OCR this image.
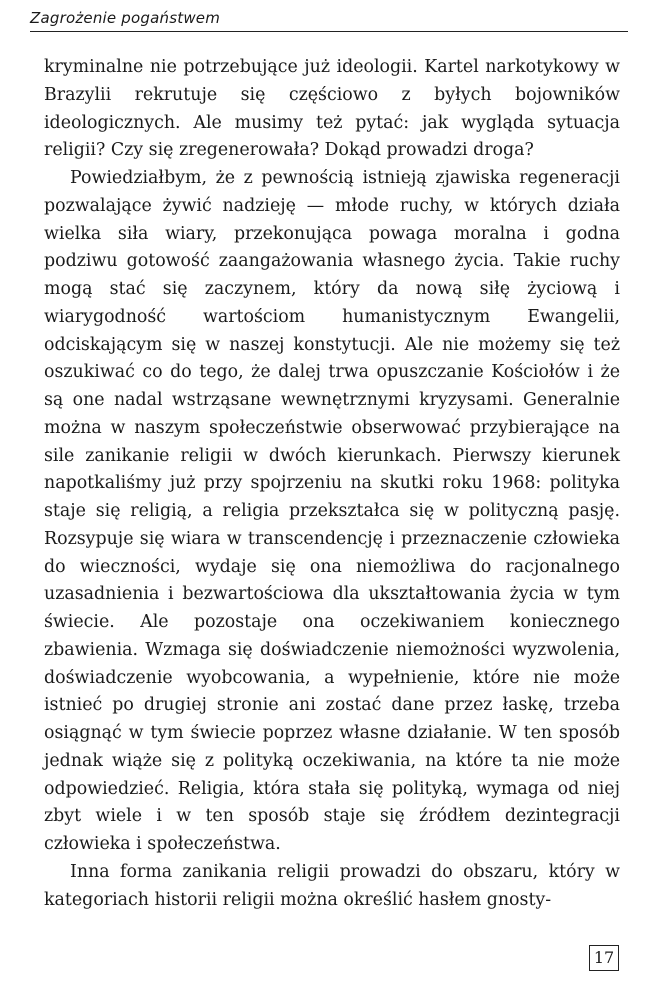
Zagrożenie pogaństwem

kryminalne nie potrzebujące już ideologii. Kartel narkotykowy w Brazylii rekrutuje się częściowo z byłych bojowników ideologicznych. Ale musimy też pytać: jak wygląda sytuacja religii? Czy się zregenerowała? Dokąd prowadzi droga?

Powiedziałbym, że z pewnością istnieją zjawiska regeneracji pozwalające żywić nadzieję — młode ruchy, w których działa wielka siła wiary, przekonująca powaga moralna i godna podziwu gotowość zaangażowania własnego życia. Takie ruchy mogą stać się zaczynem, który da nową siłę życiową i wiarygodność wartościom humanistycznym Ewangelii, odciskającym się w naszej konstytucji. Ale nie możemy się też oszukiwać co do tego, że dalej trwa opuszczanie Kościołów i że są one nadal wstrząsane wewnętrznymi kryzysami. Generalnie można w naszym społeczeństwie obserwować przybierające na sile zanikanie religii w dwóch kierunkach. Pierwszy kierunek napotkaliśmy już przy spojrzeniu na skutki roku 1968: polityka staje się religią, a religia przekształca się w polityczną pasję. Rozsypuje się wiara w transcendencję i przeznaczenie człowieka do wieczności, wydaje się ona niemożliwa do racjonalnego uzasadnienia i bezwartościowa dla ukształtowania życia w tym świecie. Ale pozostaje ona oczekiwaniem koniecznego zbawienia. Wzmaga się doświadczenie niemożności wyzwolenia, doświadczenie wyobcowania, a wypełnienie, które nie może istnieć po drugiej stronie ani zostać dane przez łaskę, trzeba osiągnąć w tym świecie poprzez własne działanie. W ten sposób jednak wiąże się z polityką oczekiwania, na które ta nie może odpowiedzieć. Religia, która stała się polityką, wymaga od niej zbyt wiele i w ten sposób staje się źródłem dezintegracji człowieka i społeczeństwa.

Inna forma zanikania religii prowadzi do obszaru, który w kategoriach historii religii można określić hasłem gnosty-

17
